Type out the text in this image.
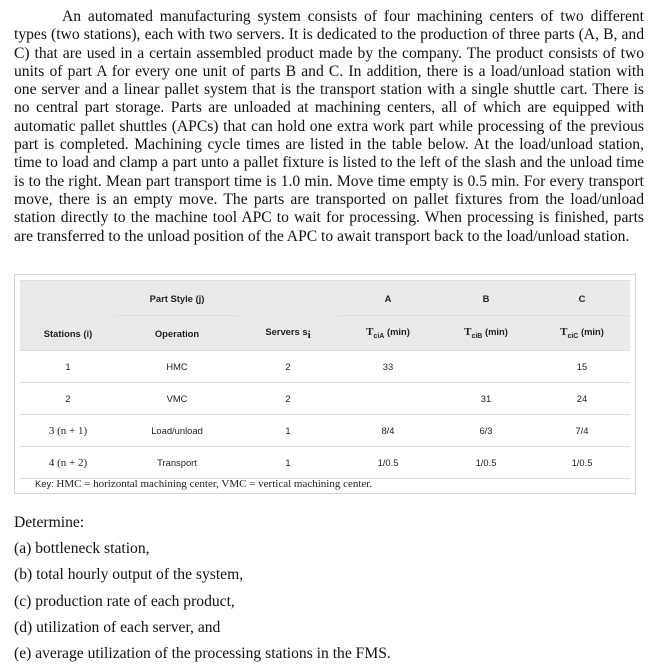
An automated manufacturing system consists of four machining centers of two different types (two stations), each with two servers. It is dedicated to the production of three parts (A, B, and C) that are used in a certain assembled product made by the company. The product consists of two units of part A for every one unit of parts B and C. In addition, there is a load/unload station with one server and a linear pallet system that is the transport station with a single shuttle cart. There is no central part storage. Parts are unloaded at machining centers, all of which are equipped with automatic pallet shuttles (APCs) that can hold one extra work part while processing of the previous part is completed. Machining cycle times are listed in the table below. At the load/unload station, time to load and clamp a part unto a pallet fixture is listed to the left of the slash and the unload time is to the right. Mean part transport time is 1.0 min. Move time empty is 0.5 min. For every transport move, there is an empty move. The parts are transported on pallet fixtures from the load/unload station directly to the machine tool APC to wait for processing. When processing is finished, parts are transferred to the unload position of the APC to await transport back to the load/unload station.

	Part Style (j)		A	B	C
Stations (i)	Operation	Servers $s_i$	$T_{ciA}$ (min)	$T_{ciB}$ (min)	$T_{ciC}$ (min)
1	HMC	2	33		15
2	VMC	2		31	24
3 (n + 1)	Load/unload	1	8/4	6/3	7/4
4 (n + 2)	Transport	1	1/0.5	1/0.5	1/0.5
Key: HMC = horizontal machining center, VMC = vertical machining center.
Determine:
(a) bottleneck station,
(b) total hourly output of the system,
(c) production rate of each product,
(d) utilization of each server, and
(e) average utilization of the processing stations in the FMS.
